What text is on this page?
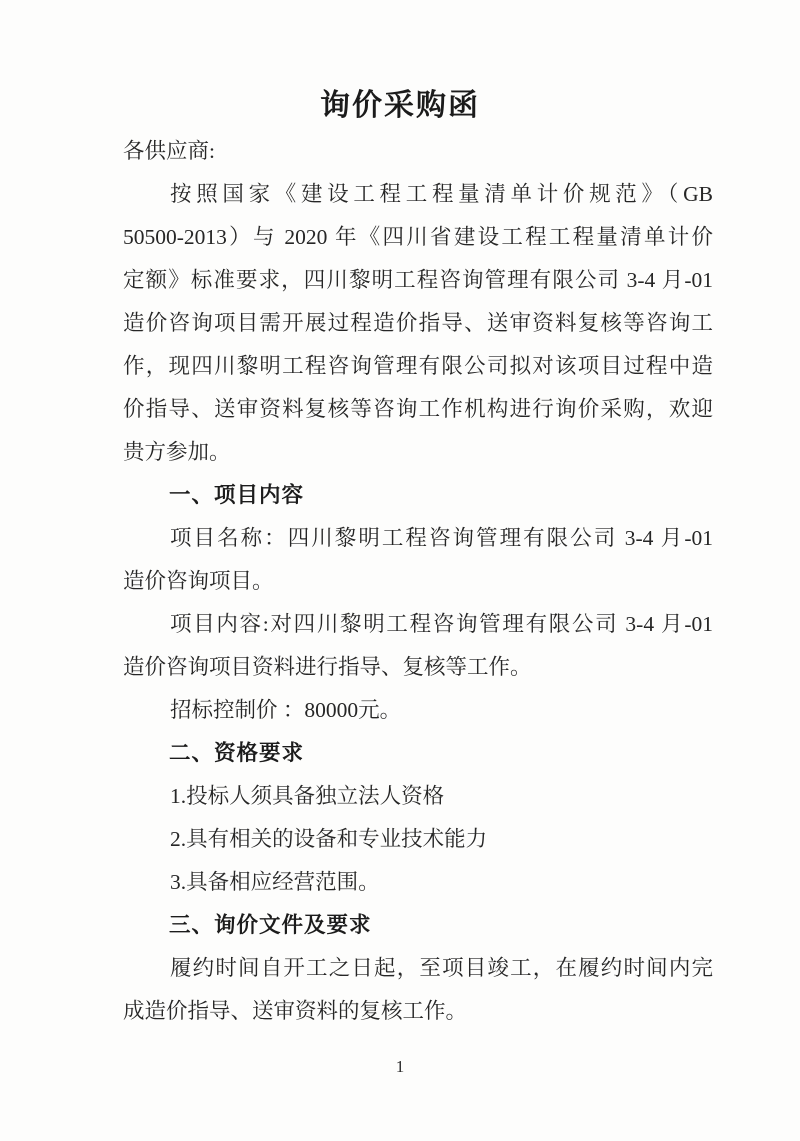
询价采购函
各供应商:
按照国家《建设工程工程量清单计价规范》（GB
50500-2013）与 2020 年《四川省建设工程工程量清单计价
定额》标准要求，四川黎明工程咨询管理有限公司 3-4 月-01
造价咨询项目需开展过程造价指导、送审资料复核等咨询工
作，现四川黎明工程咨询管理有限公司拟对该项目过程中造
价指导、送审资料复核等咨询工作机构进行询价采购，欢迎
贵方参加。
一、项目内容
项目名称：四川黎明工程咨询管理有限公司 3-4 月-01
造价咨询项目。
项目内容:对四川黎明工程咨询管理有限公司 3-4 月-01
造价咨询项目资料进行指导、复核等工作。
招标控制价 ：80000元。
二、资格要求
1.投标人须具备独立法人资格
2.具有相关的设备和专业技术能力
3.具备相应经营范围。
三、询价文件及要求
履约时间自开工之日起，至项目竣工，在履约时间内完
成造价指导、送审资料的复核工作。
1
